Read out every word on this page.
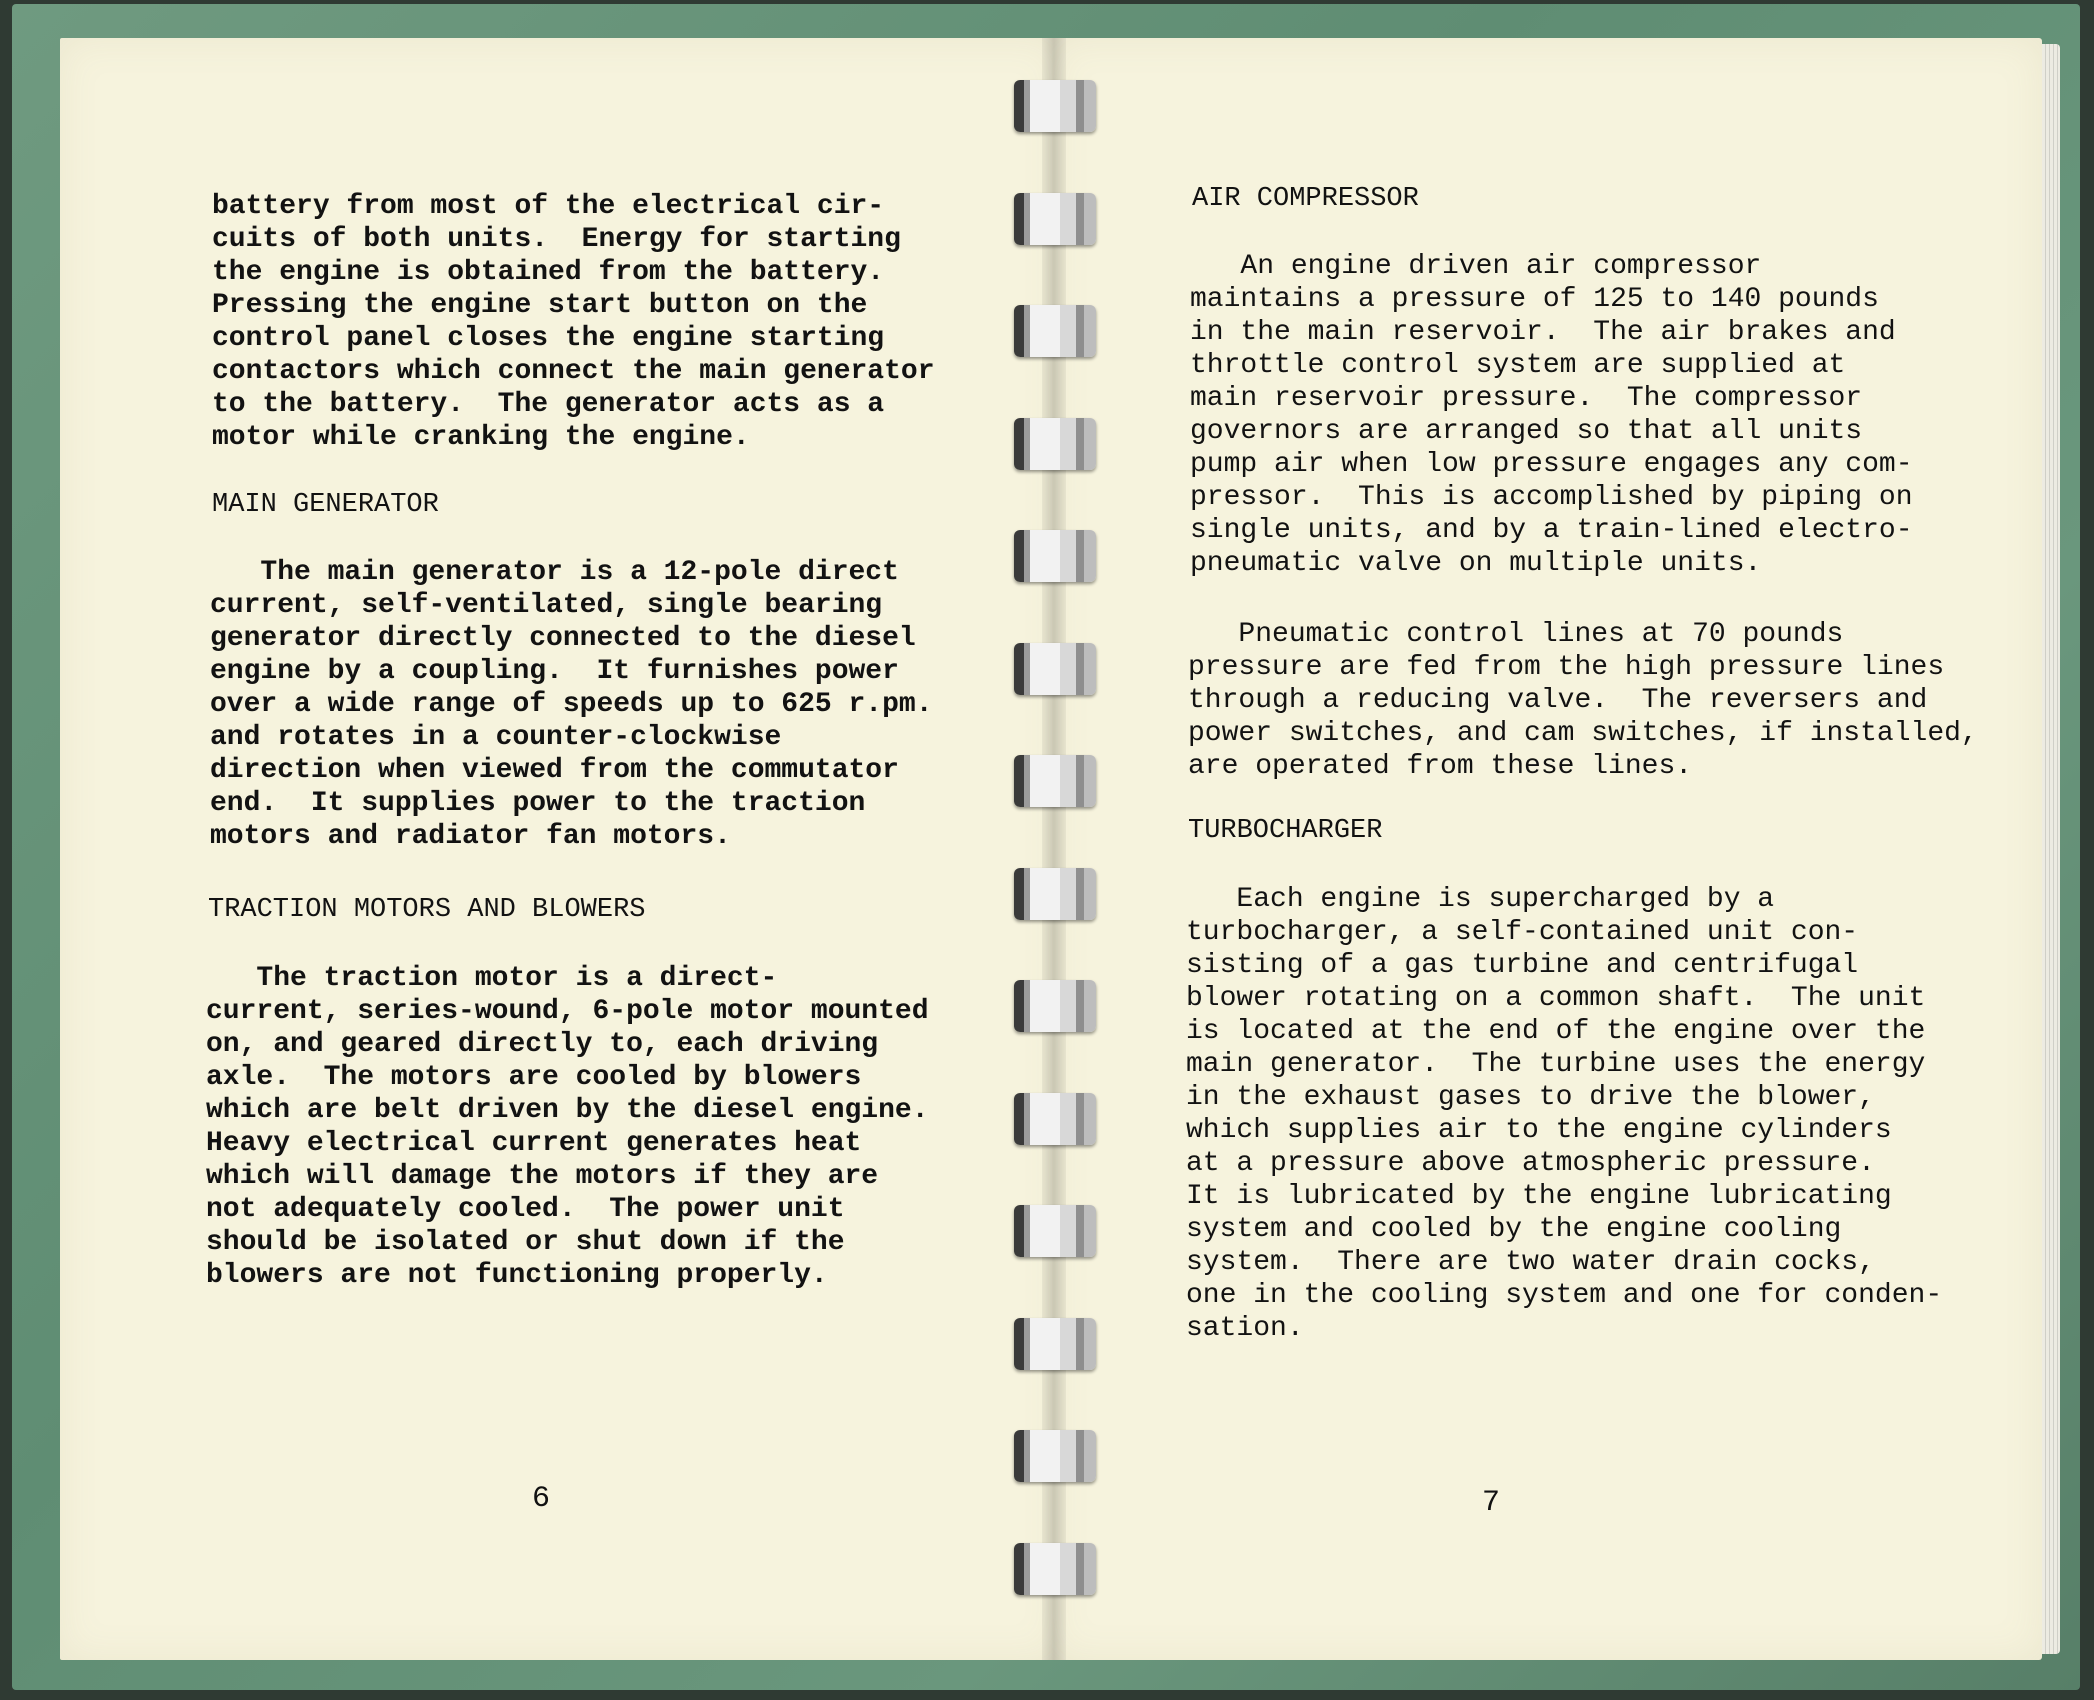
battery from most of the electrical cir-
cuits of both units.  Energy for starting
the engine is obtained from the battery.
Pressing the engine start button on the
control panel closes the engine starting
contactors which connect the main generator
to the battery.  The generator acts as a
motor while cranking the engine.
MAIN GENERATOR
The main generator is a 12-pole direct
current, self-ventilated, single bearing
generator directly connected to the diesel
engine by a coupling.  It furnishes power
over a wide range of speeds up to 625 r.pm.
and rotates in a counter-clockwise
direction when viewed from the commutator
end.  It supplies power to the traction
motors and radiator fan motors.
TRACTION MOTORS AND BLOWERS
The traction motor is a direct-
current, series-wound, 6-pole motor mounted
on, and geared directly to, each driving
axle.  The motors are cooled by blowers
which are belt driven by the diesel engine.
Heavy electrical current generates heat
which will damage the motors if they are
not adequately cooled.  The power unit
should be isolated or shut down if the
blowers are not functioning properly.
6
AIR COMPRESSOR
An engine driven air compressor
maintains a pressure of 125 to 140 pounds
in the main reservoir.  The air brakes and
throttle control system are supplied at
main reservoir pressure.  The compressor
governors are arranged so that all units
pump air when low pressure engages any com-
pressor.  This is accomplished by piping on
single units, and by a train-lined electro-
pneumatic valve on multiple units.
Pneumatic control lines at 70 pounds
pressure are fed from the high pressure lines
through a reducing valve.  The reversers and
power switches, and cam switches, if installed,
are operated from these lines.
TURBOCHARGER
Each engine is supercharged by a
turbocharger, a self-contained unit con-
sisting of a gas turbine and centrifugal
blower rotating on a common shaft.  The unit
is located at the end of the engine over the
main generator.  The turbine uses the energy
in the exhaust gases to drive the blower,
which supplies air to the engine cylinders
at a pressure above atmospheric pressure.
It is lubricated by the engine lubricating
system and cooled by the engine cooling
system.  There are two water drain cocks,
one in the cooling system and one for conden-
sation.
7
